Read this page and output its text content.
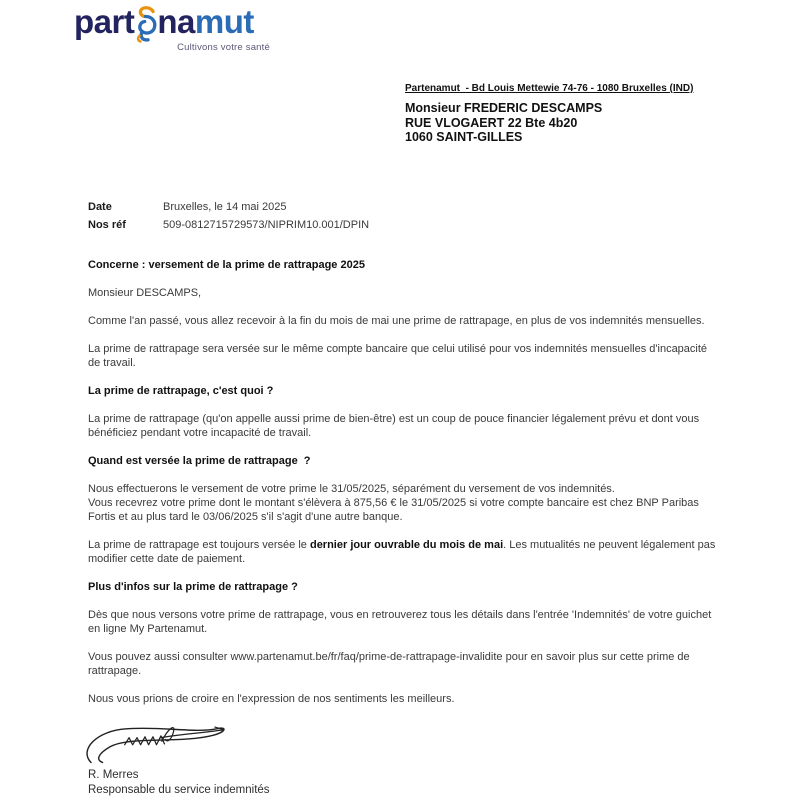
part namut
Cultivons votre santé
Partenamut  - Bd Louis Mettewie 74-76 - 1080 Bruxelles (IND)
Monsieur FREDERIC DESCAMPS
RUE VLOGAERT 22 Bte 4b20
1060 SAINT-GILLES
Date	Bruxelles, le 14 mai 2025
Nos réf	509-0812715729573/NIPRIM10.001/DPIN
Concerne : versement de la prime de rattrapage 2025
Monsieur DESCAMPS,
Comme l'an passé, vous allez recevoir à la fin du mois de mai une prime de rattrapage, en plus de vos indemnités mensuelles.
La prime de rattrapage sera versée sur le même compte bancaire que celui utilisé pour vos indemnités mensuelles d'incapacité de travail.
La prime de rattrapage, c'est quoi ?
La prime de rattrapage (qu'on appelle aussi prime de bien-être) est un coup de pouce financier légalement prévu et dont vous bénéficiez pendant votre incapacité de travail.
Quand est versée la prime de rattrapage  ?
Nous effectuerons le versement de votre prime le 31/05/2025, séparément du versement de vos indemnités.
Vous recevrez votre prime dont le montant s'élèvera à 875,56 € le 31/05/2025 si votre compte bancaire est chez BNP Paribas Fortis et au plus tard le 03/06/2025 s'il s'agit d'une autre banque.
La prime de rattrapage est toujours versée le dernier jour ouvrable du mois de mai. Les mutualités ne peuvent légalement pas modifier cette date de paiement.
Plus d'infos sur la prime de rattrapage ?
Dès que nous versons votre prime de rattrapage, vous en retrouverez tous les détails dans l'entrée 'Indemnités' de votre guichet en ligne My Partenamut.
Vous pouvez aussi consulter www.partenamut.be/fr/faq/prime-de-rattrapage-invalidite pour en savoir plus sur cette prime de rattrapage.
Nous vous prions de croire en l'expression de nos sentiments les meilleurs.
R. Merres
Responsable du service indemnités
